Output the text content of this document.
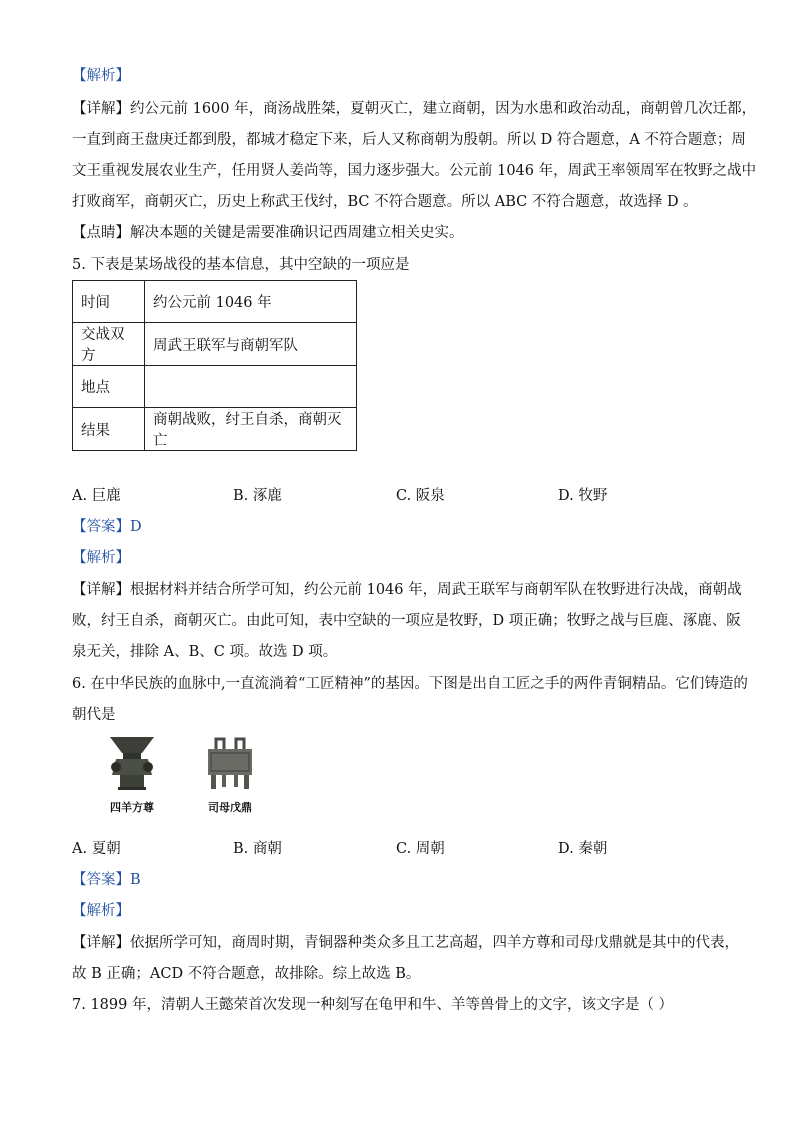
【解析】
【详解】约公元前 1600 年，商汤战胜桀，夏朝灭亡，建立商朝，因为水患和政治动乱，商朝曾几次迁都，
一直到商王盘庚迁都到殷，都城才稳定下来，后人又称商朝为殷朝。所以 D 符合题意，A 不符合题意；周
文王重视发展农业生产，任用贤人姜尚等，国力逐步强大。公元前 1046 年，周武王率领周军在牧野之战中
打败商军，商朝灭亡，历史上称武王伐纣，BC 不符合题意。所以 ABC 不符合题意，故选择 D 。
【点睛】解决本题的关键是需要准确识记西周建立相关史实。
5. 下表是某场战役的基本信息，其中空缺的一项应是
时间	约公元前 1046 年
交战双方	周武王联军与商朝军队
地点	
结果	商朝战败，纣王自杀，商朝灭亡
A. 巨鹿	B. 涿鹿	C. 阪泉	D. 牧野
【答案】D
【解析】
【详解】根据材料并结合所学可知，约公元前 1046 年，周武王联军与商朝军队在牧野进行决战，商朝战
败，纣王自杀，商朝灭亡。由此可知，表中空缺的一项应是牧野，D 项正确；牧野之战与巨鹿、涿鹿、阪
泉无关，排除 A、B、C 项。故选 D 项。
6. 在中华民族的血脉中,一直流淌着“工匠精神”的基因。下图是出自工匠之手的两件青铜精品。它们铸造的
朝代是
四羊方尊	司母戊鼎
A. 夏朝	B. 商朝	C. 周朝	D. 秦朝
【答案】B
【解析】
【详解】依据所学可知，商周时期，青铜器种类众多且工艺高超，四羊方尊和司母戊鼎就是其中的代表，
故 B 正确；ACD 不符合题意，故排除。综上故选 B。
7. 1899 年，清朝人王懿荣首次发现一种刻写在龟甲和牛、羊等兽骨上的文字，该文字是（ ）
